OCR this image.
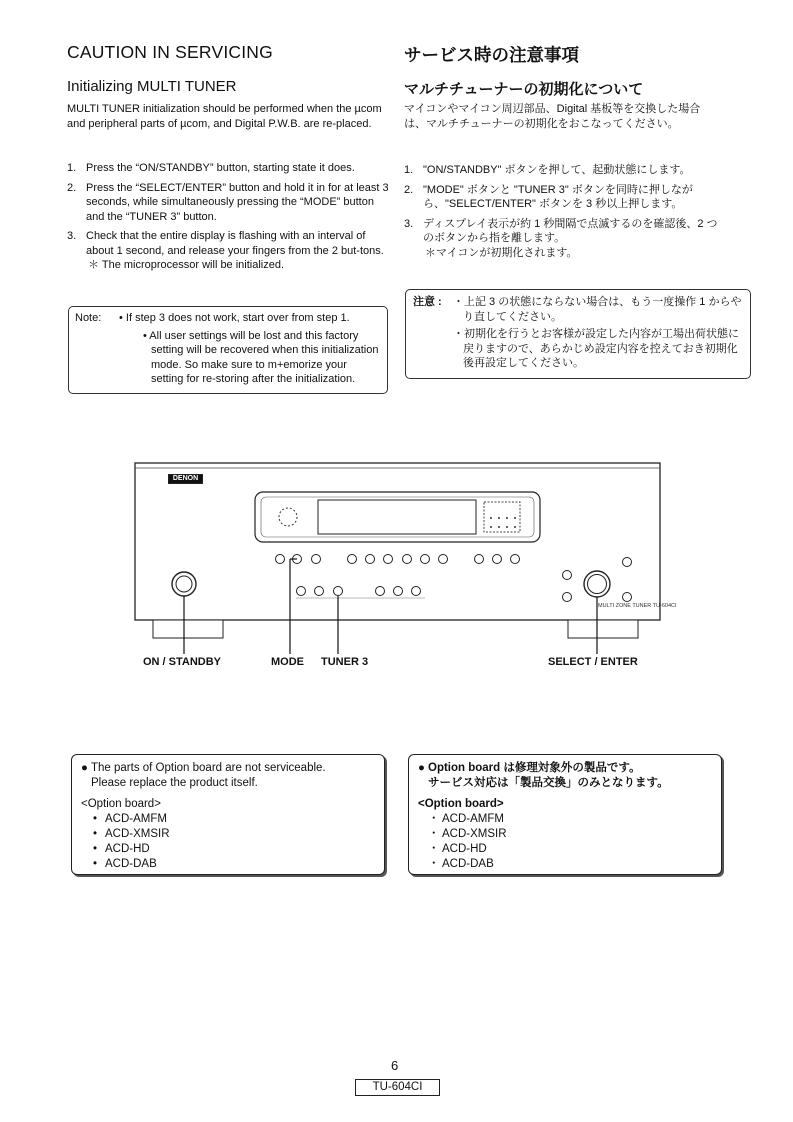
CAUTION IN SERVICING
Initializing MULTI TUNER
MULTI TUNER initialization should be performed when the µcom and peripheral parts of µcom, and Digital P.W.B. are re-placed.
1. Press the “ON/STANDBY” button, starting state it does.
2. Press the “SELECT/ENTER” button and hold it in for at least 3 seconds, while simultaneously pressing the “MODE” button and the “TUNER 3” button.
3. Check that the entire display is flashing with an interval of about 1 second, and release your fingers from the 2 but-tons.
＊ The microprocessor will be initialized.
Note: • If step 3 does not work, start over from step 1.
• All user settings will be lost and this factory setting will be recovered when this initialization mode. So make sure to m+emorize your setting for re-storing after the initialization.
サービス時の注意事項
マルチチューナーの初期化について
マイコンやマイコン周辺部品、Digital 基板等を交換した場合は、マルチチューナーの初期化をおこなってください。
1. "ON/STANDBY" ボタンを押して、起動状態にします。
2. "MODE" ボタンと "TUNER 3" ボタンを同時に押しながら、"SELECT/ENTER" ボタンを 3 秒以上押します。
3. ディスプレイ表示が約 1 秒間隔で点滅するのを確認後、2 つのボタンから指を離します。
＊マイコンが初期化されます。
注意 : ・上記 3 の状態にならない場合は、もう一度操作 1 からやり直してください。
・初期化を行うとお客様が設定した内容が工場出荷状態に戻りますので、あらかじめ設定内容を控えておき初期化後再設定してください。
DENON
MULTI ZONE TUNER TU-604CI
ON / STANDBY	MODE TUNER 3	SELECT / ENTER
● The parts of Option board are not serviceable.
Please replace the product itself.
<Option board>
• ACD-AMFM
• ACD-XMSIR
• ACD-HD
• ACD-DAB
● Option board は修理対象外の製品です。
サービス対応は「製品交換」のみとなります。
<Option board>
・ ACD-AMFM
・ ACD-XMSIR
・ ACD-HD
・ ACD-DAB
6
TU-604CI
